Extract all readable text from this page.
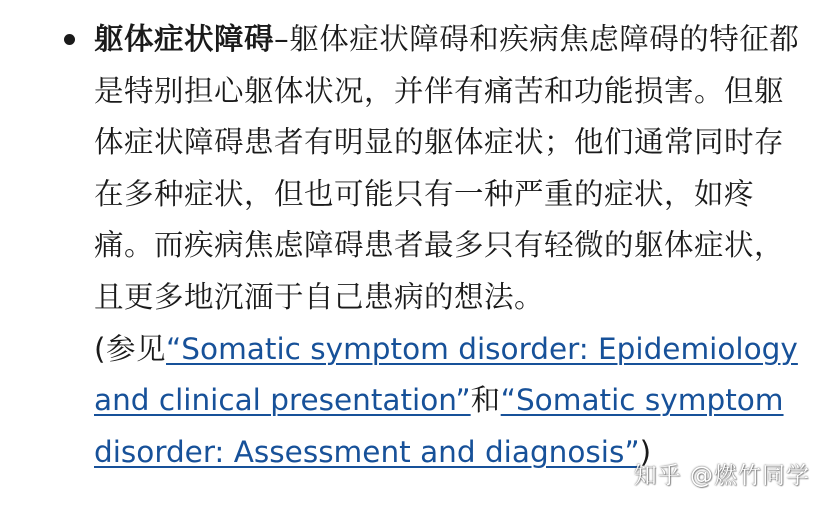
躯体症状障碍–躯体症状障碍和疾病焦虑障碍的特征都是特别担心躯体状况，并伴有痛苦和功能损害。但躯体症状障碍患者有明显的躯体症状；他们通常同时存在多种症状，但也可能只有一种严重的症状，如疼痛。而疾病焦虑障碍患者最多只有轻微的躯体症状，且更多地沉湎于自己患病的想法。
(参见“Somatic symptom disorder: Epidemiology and clinical presentation”和“Somatic symptom disorder: Assessment and diagnosis”)
知乎 @燃竹同学
